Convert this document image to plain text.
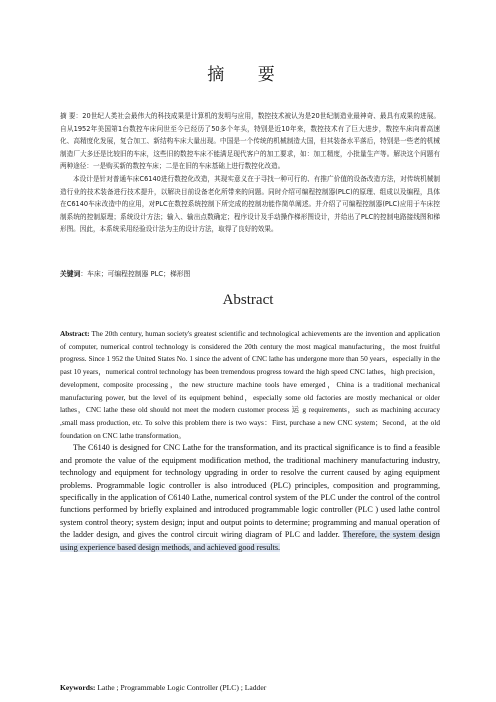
摘 要

摘 要：20世纪人类社会最伟大的科技成果是计算机的发明与应用，数控技术被认为是20世纪制造业最神奇、最具有成果的进展。自从1952年美国第1台数控车床问世至今已经历了50多个年头，特别是近10年来，数控技术有了巨大进步，数控车床向着高速化、高精度化发展，复合加工、新结构车床大量出现。中国是一个传统的机械制造大国，但其装备水平落后，特别是一些老的机械制造厂大多还是比较旧的车床，这些旧的数控车床不能满足现代客户的加工要求，如：加工精度，小批量生产等。解决这个问题有两种途径：一是购买新的数控车床；二是在旧的车床基础上进行数控化改造。

本设计是针对普通车床C6140进行数控化改造，其现实意义在于寻找一种可行的、有推广价值的设备改造方法，对传统机械制造行业的技术装备进行技术提升，以解决目前设备老化所带来的问题。同时介绍可编程控制器(PLC)的原理、组成以及编程，具体在C6140车床改造中的应用，对PLC在数控系统控制下所完成的控制功能作简单阐述。并介绍了可编程控制器(PLC)应用于车床控制系统的控制原理；系统设计方法；输入、输出点数确定；程序设计及手动操作梯形图设计，并给出了PLC的控制电路接线图和梯形图。因此，本系统采用经验设计法为主的设计方法，取得了良好的效果。

关键词：车床；可编程控制器 PLC；梯形图
Abstract

Abstract: The 20th century, human society's greatest scientific and technological achievements are the invention and application of computer, numerical control technology is considered the 20th century the most magical manufacturing，the most fruitful progress. Since 1 952 the United States No. 1 since the advent of CNC lathe has undergone more than 50 years，especially in the past 10 years，numerical control technology has been tremendous progress toward the high speed CNC lathes，high precision，development, composite processing，the new structure machine tools have emerged，China is a traditional mechanical manufacturing power, but the level of its equipment behind，especially some old factories are mostly mechanical or older lathes，CNC lathe these old should not meet the modern customer process 运 g requirements，such as machining accuracy ,small mass production, etc. To solve this problem there is two ways：First, purchase a new CNC system；Second，at the old foundation on CNC lathe transformation。

The C6140 is designed for CNC Lathe for the transformation, and its practical significance is to find a feasible and promote the value of the equipment modification method, the traditional machinery manufacturing industry, technology and equipment for technology upgrading in order to resolve the current caused by aging equipment problems. Programmable logic controller is also introduced (PLC) principles, composition and programming, specifically in the application of C6140 Lathe, numerical control system of the PLC under the control of the control functions performed by briefly explained and introduced programmable logic controller (PLC ) used lathe control system control theory; system design; input and output points to determine; programming and manual operation of the ladder design, and gives the control circuit wiring diagram of PLC and ladder. Therefore, the system design using experience based design methods, and achieved good results.

Keywords: Lathe ; Programmable Logic Controller (PLC) ; Ladder
